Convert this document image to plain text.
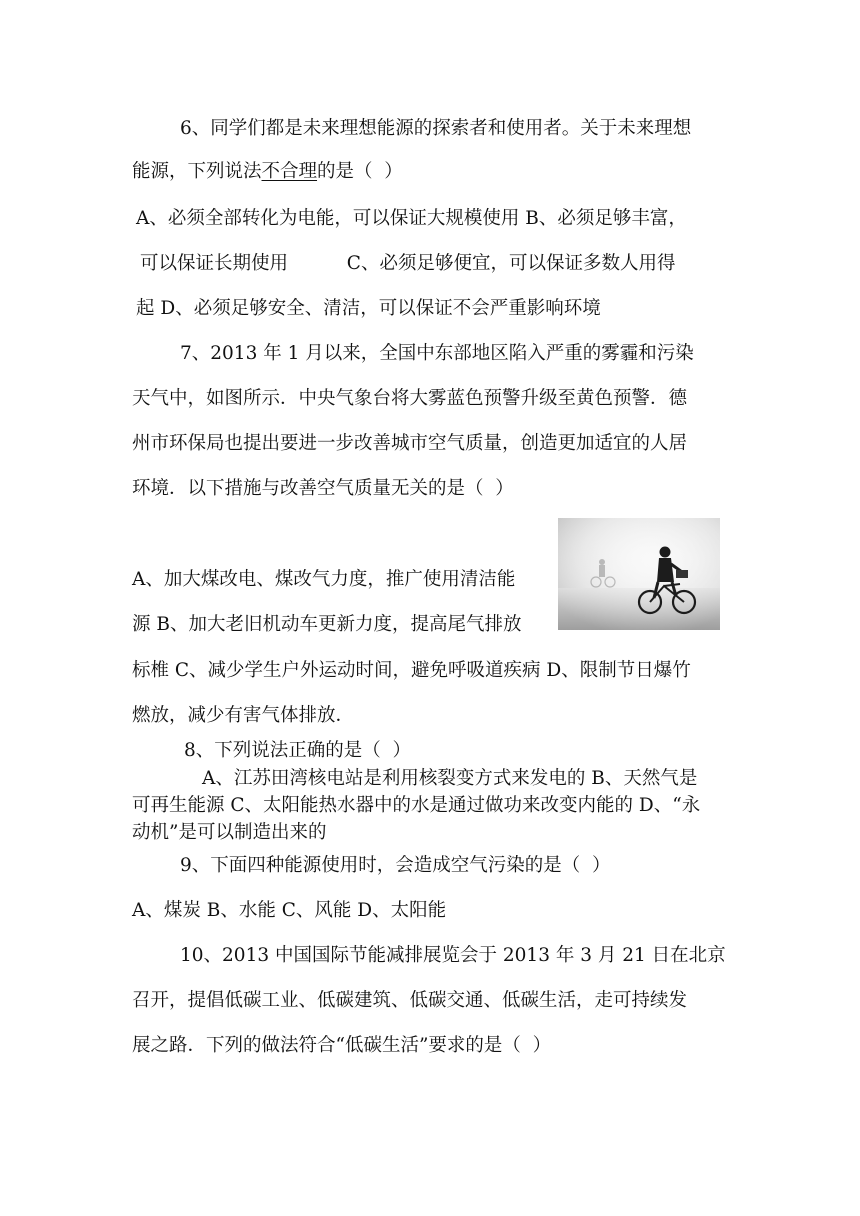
6、同学们都是未来理想能源的探索者和使用者。关于未来理想
能源，下列说法不合理的是（  ）
A、必须全部转化为电能，可以保证大规模使用 B、必须足够丰富，
可以保证长期使用          C、必须足够便宜，可以保证多数人用得
起 D、必须足够安全、清洁，可以保证不会严重影响环境
7、2013 年 1 月以来，全国中东部地区陷入严重的雾霾和污染
天气中，如图所示．中央气象台将大雾蓝色预警升级至黄色预警．德
州市环保局也提出要进一步改善城市空气质量，创造更加适宜的人居
环境．以下措施与改善空气质量无关的是（  ）
A、加大煤改电、煤改气力度，推广使用清洁能
源 B、加大老旧机动车更新力度，提高尾气排放
标椎 C、减少学生户外运动时间，避免呼吸道疾病 D、限制节日爆竹
燃放，减少有害气体排放．
8、下列说法正确的是（  ）
A、江苏田湾核电站是利用核裂变方式来发电的 B、天然气是
可再生能源 C、太阳能热水器中的水是通过做功来改变内能的 D、“永
动机”是可以制造出来的
9、下面四种能源使用时，会造成空气污染的是（  ）
A、煤炭 B、水能 C、风能 D、太阳能
10、2013 中国国际节能减排展览会于 2013 年 3 月 21 日在北京
召开，提倡低碳工业、低碳建筑、低碳交通、低碳生活，走可持续发
展之路．下列的做法符合“低碳生活”要求的是（  ）
